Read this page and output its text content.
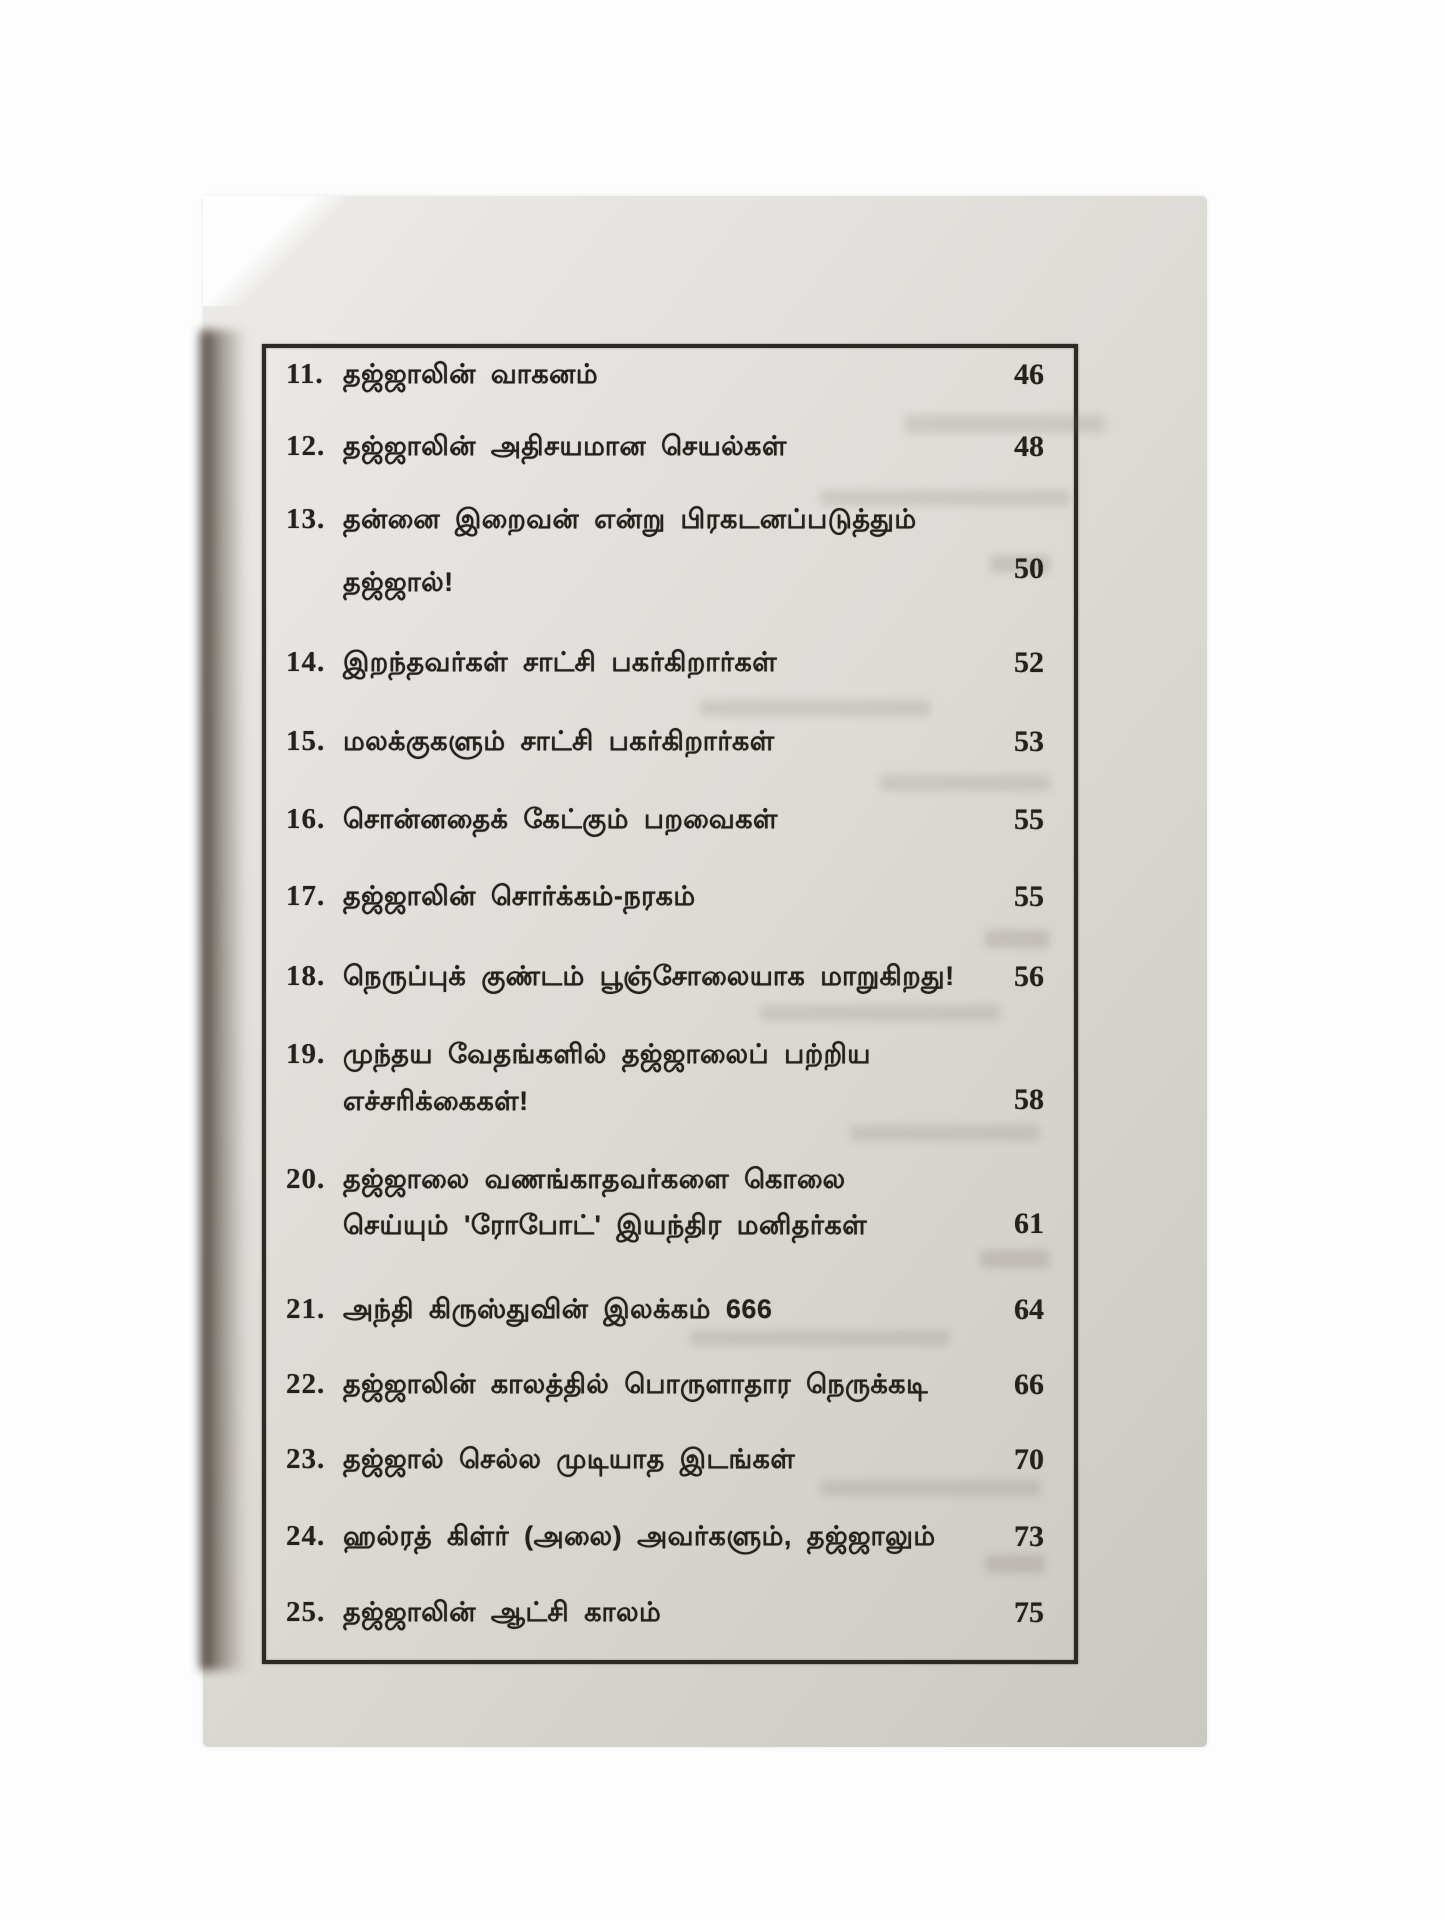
11. தஜ்ஜாலின் வாகனம்	46
12. தஜ்ஜாலின் அதிசயமான செயல்கள்	48
13. தன்னை இறைவன் என்று பிரகடனப்படுத்தும்
தஜ்ஜால்!	50
14. இறந்தவர்கள் சாட்சி பகர்கிறார்கள்	52
15. மலக்குகளும் சாட்சி பகர்கிறார்கள்	53
16. சொன்னதைக் கேட்கும் பறவைகள்	55
17. தஜ்ஜாலின் சொர்க்கம்-நரகம்	55
18. நெருப்புக் குண்டம் பூஞ்சோலையாக மாறுகிறது!	56
19. முந்தய வேதங்களில் தஜ்ஜாலைப் பற்றிய
எச்சரிக்கைகள்!	58
20. தஜ்ஜாலை வணங்காதவர்களை கொலை
செய்யும் 'ரோபோட்' இயந்திர மனிதர்கள்	61
21. அந்தி கிருஸ்துவின் இலக்கம் 666	64
22. தஜ்ஜாலின் காலத்தில் பொருளாதார நெருக்கடி	66
23. தஜ்ஜால் செல்ல முடியாத இடங்கள்	70
24. ஹல்ரத் கிள்ர் (அலை) அவர்களும், தஜ்ஜாலும்	73
25. தஜ்ஜாலின் ஆட்சி காலம்	75
